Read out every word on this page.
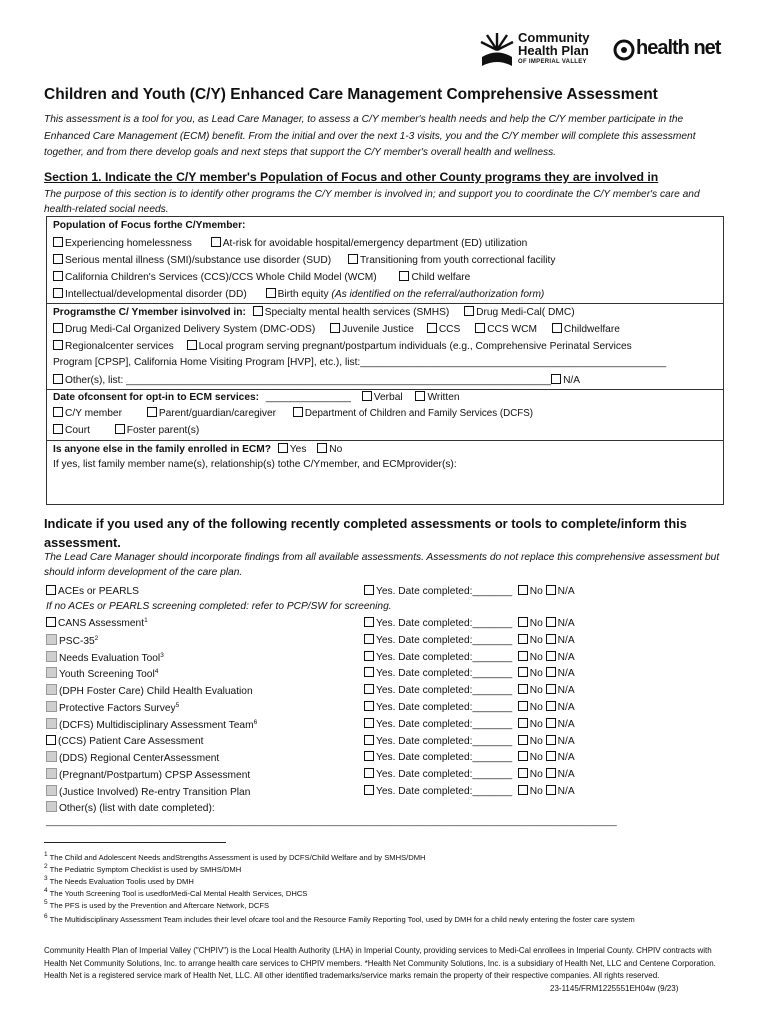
Community
Health Plan
OF IMPERIAL VALLEY
health net
Children and Youth (C/Y) Enhanced Care Management Comprehensive Assessment
This assessment is a tool for you, as Lead Care Manager, to assess a C/Y member's health needs and help the C/Y member participate in the Enhanced Care Management (ECM) benefit. From the initial and over the next 1-3 visits, you and the C/Y member will complete this assessment together, and from there develop goals and next steps that support the C/Y member's overall health and wellness.
Section 1. Indicate the C/Y member's Population of Focus and other County programs they are involved in
The purpose of this section is to identify other programs the C/Y member is involved in; and support you to coordinate the C/Y member's care and health-related social needs.
Population of Focus forthe C/Ymember:
Experiencing homelessness	At-risk for avoidable hospital/emergency department (ED) utilization
Serious mental illness (SMI)/substance use disorder (SUD)	Transitioning from youth correctional facility
California Children's Services (CCS)/CCS Whole Child Model (WCM)	Child welfare
Intellectual/developmental disorder (DD)	Birth equity (As identified on the referral/authorization form)
Programsthe C/ Ymember isinvolved in: Specialty mental health services (SMHS)	Drug Medi-Cal( DMC)
Drug Medi-Cal Organized Delivery System (DMC-ODS)	Juvenile Justice CCS	CCS WCM	Childwelfare
Regionalcenter services Local program serving pregnant/postpartum individuals (e.g., Comprehensive Perinatal Services
Program [CPSP], California Home Visiting Program [HVP], etc.), list:______________________________________________________
Other(s), list: ___________________________________________________________________________ N/A
Date ofconsent for opt-in to ECM services: _______________ Verbal Written
C/Y member	Parent/guardian/caregiver	Department of Children and Family Services (DCFS)
Court	Foster parent(s)
Is anyone else in the family enrolled in ECM? Yes No
If yes, list family member name(s), relationship(s) tothe C/Ymember, and ECMprovider(s):
Indicate if you used any of the following recently completed assessments or tools to complete/inform this assessment.
The Lead Care Manager should incorporate findings from all available assessments. Assessments do not replace this comprehensive assessment but should inform development of the care plan.
ACEs or PEARLS	Yes. Date completed:_______ No N/A
If no ACEs or PEARLS screening completed: refer to PCP/SW for screening.
CANS Assessment$^1$	Yes. Date completed:_______ No N/A
PSC-$35^2$	Yes. Date completed:_______ No N/A
Needs Evaluation Tool$^3$	Yes. Date completed:_______ No N/A
Youth Screening Tool$^4$	Yes. Date completed:_______ No N/A
(DPH Foster Care) Child Health Evaluation	Yes. Date completed:_______ No N/A
Protective Factors Survey$^5$	Yes. Date completed:_______ No N/A
(DCFS) Multidisciplinary Assessment Team$^6$	Yes. Date completed:_______ No N/A
(CCS) Patient Care Assessment	Yes. Date completed:_______ No N/A
(DDS) Regional CenterAssessment	Yes. Date completed:_______ No N/A
(Pregnant/Postpartum) CPSP Assessment	Yes. Date completed:_______ No N/A
(Justice Involved) Re-entry Transition Plan	Yes. Date completed:_______ No N/A
Other(s) (list with date completed):
____________________________________________________________________________________________________________
$^1$ The Child and Adolescent Needs andStrengths Assessment is used by DCFS/Child Welfare and by SMHS/DMH
$^2$ The Pediatric Symptom Checklist is used by SMHS/DMH
$^3$ The Needs Evaluation Toolis used by DMH
$^4$ The Youth Screening Tool is usedforMedi-Cal Mental Health Services, DHCS
$^5$ The PFS is used by the Prevention and Aftercare Network, DCFS
$^6$ The Multidisciplinary Assessment Team includes their level ofcare tool and the Resource Family Reporting Tool, used by DMH for a child newly entering the foster care system
Community Health Plan of Imperial Valley ("CHPIV") is the Local Health Authority (LHA) in Imperial County, providing services to Medi-Cal enrollees in Imperial County. CHPIV contracts with Health Net Community Solutions, Inc. to arrange health care services to CHPIV members. *Health Net Community Solutions, Inc. is a subsidiary of Health Net, LLC and Centene Corporation. Health Net is a registered service mark of Health Net, LLC. All other identified trademarks/service marks remain the property of their respective companies. All rights reserved.
23-1145/FRM1225551EH04w (9/23)
